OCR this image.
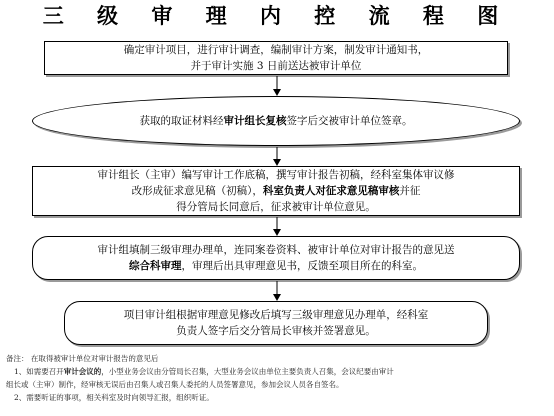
三 级 审 理 内 控 流 程 图

确定审计项目，进行审计调查，编制审计方案，制发审计通知书，

并于审计实施 3 日前送达被审计单位

获取的取证材料经审计组长复核签字后交被审计单位签章。

审计组长（主审）编写审计工作底稿，撰写审计报告初稿，经科室集体审议修

改形成征求意见稿（初稿），科室负责人对征求意见稿审核并征

得分管局长同意后，征求被审计单位意见。

审计组填制三级审理办理单，连同案卷资料、被审计单位对审计报告的意见送

综合科审理，审理后出具审理意见书，反馈至项目所在的科室。

项目审计组根据审理意见修改后填写三级审理意见办理单，经科室

负责人签字后交分管局长审核并签署意见。

备注： 在取得被审计单位对审计报告的意见后

1、如需要召开审计会议的，小型业务会议由分管局长召集，大型业务会议由单位主要负责人召集，会议纪要由审计

组长或（主审）制作，经审核无误后由召集人或召集人委托的人员签署意见，参加会议人员各自签名。

2、需要听证的事项，相关科室及时向领导汇报，组织听证。
